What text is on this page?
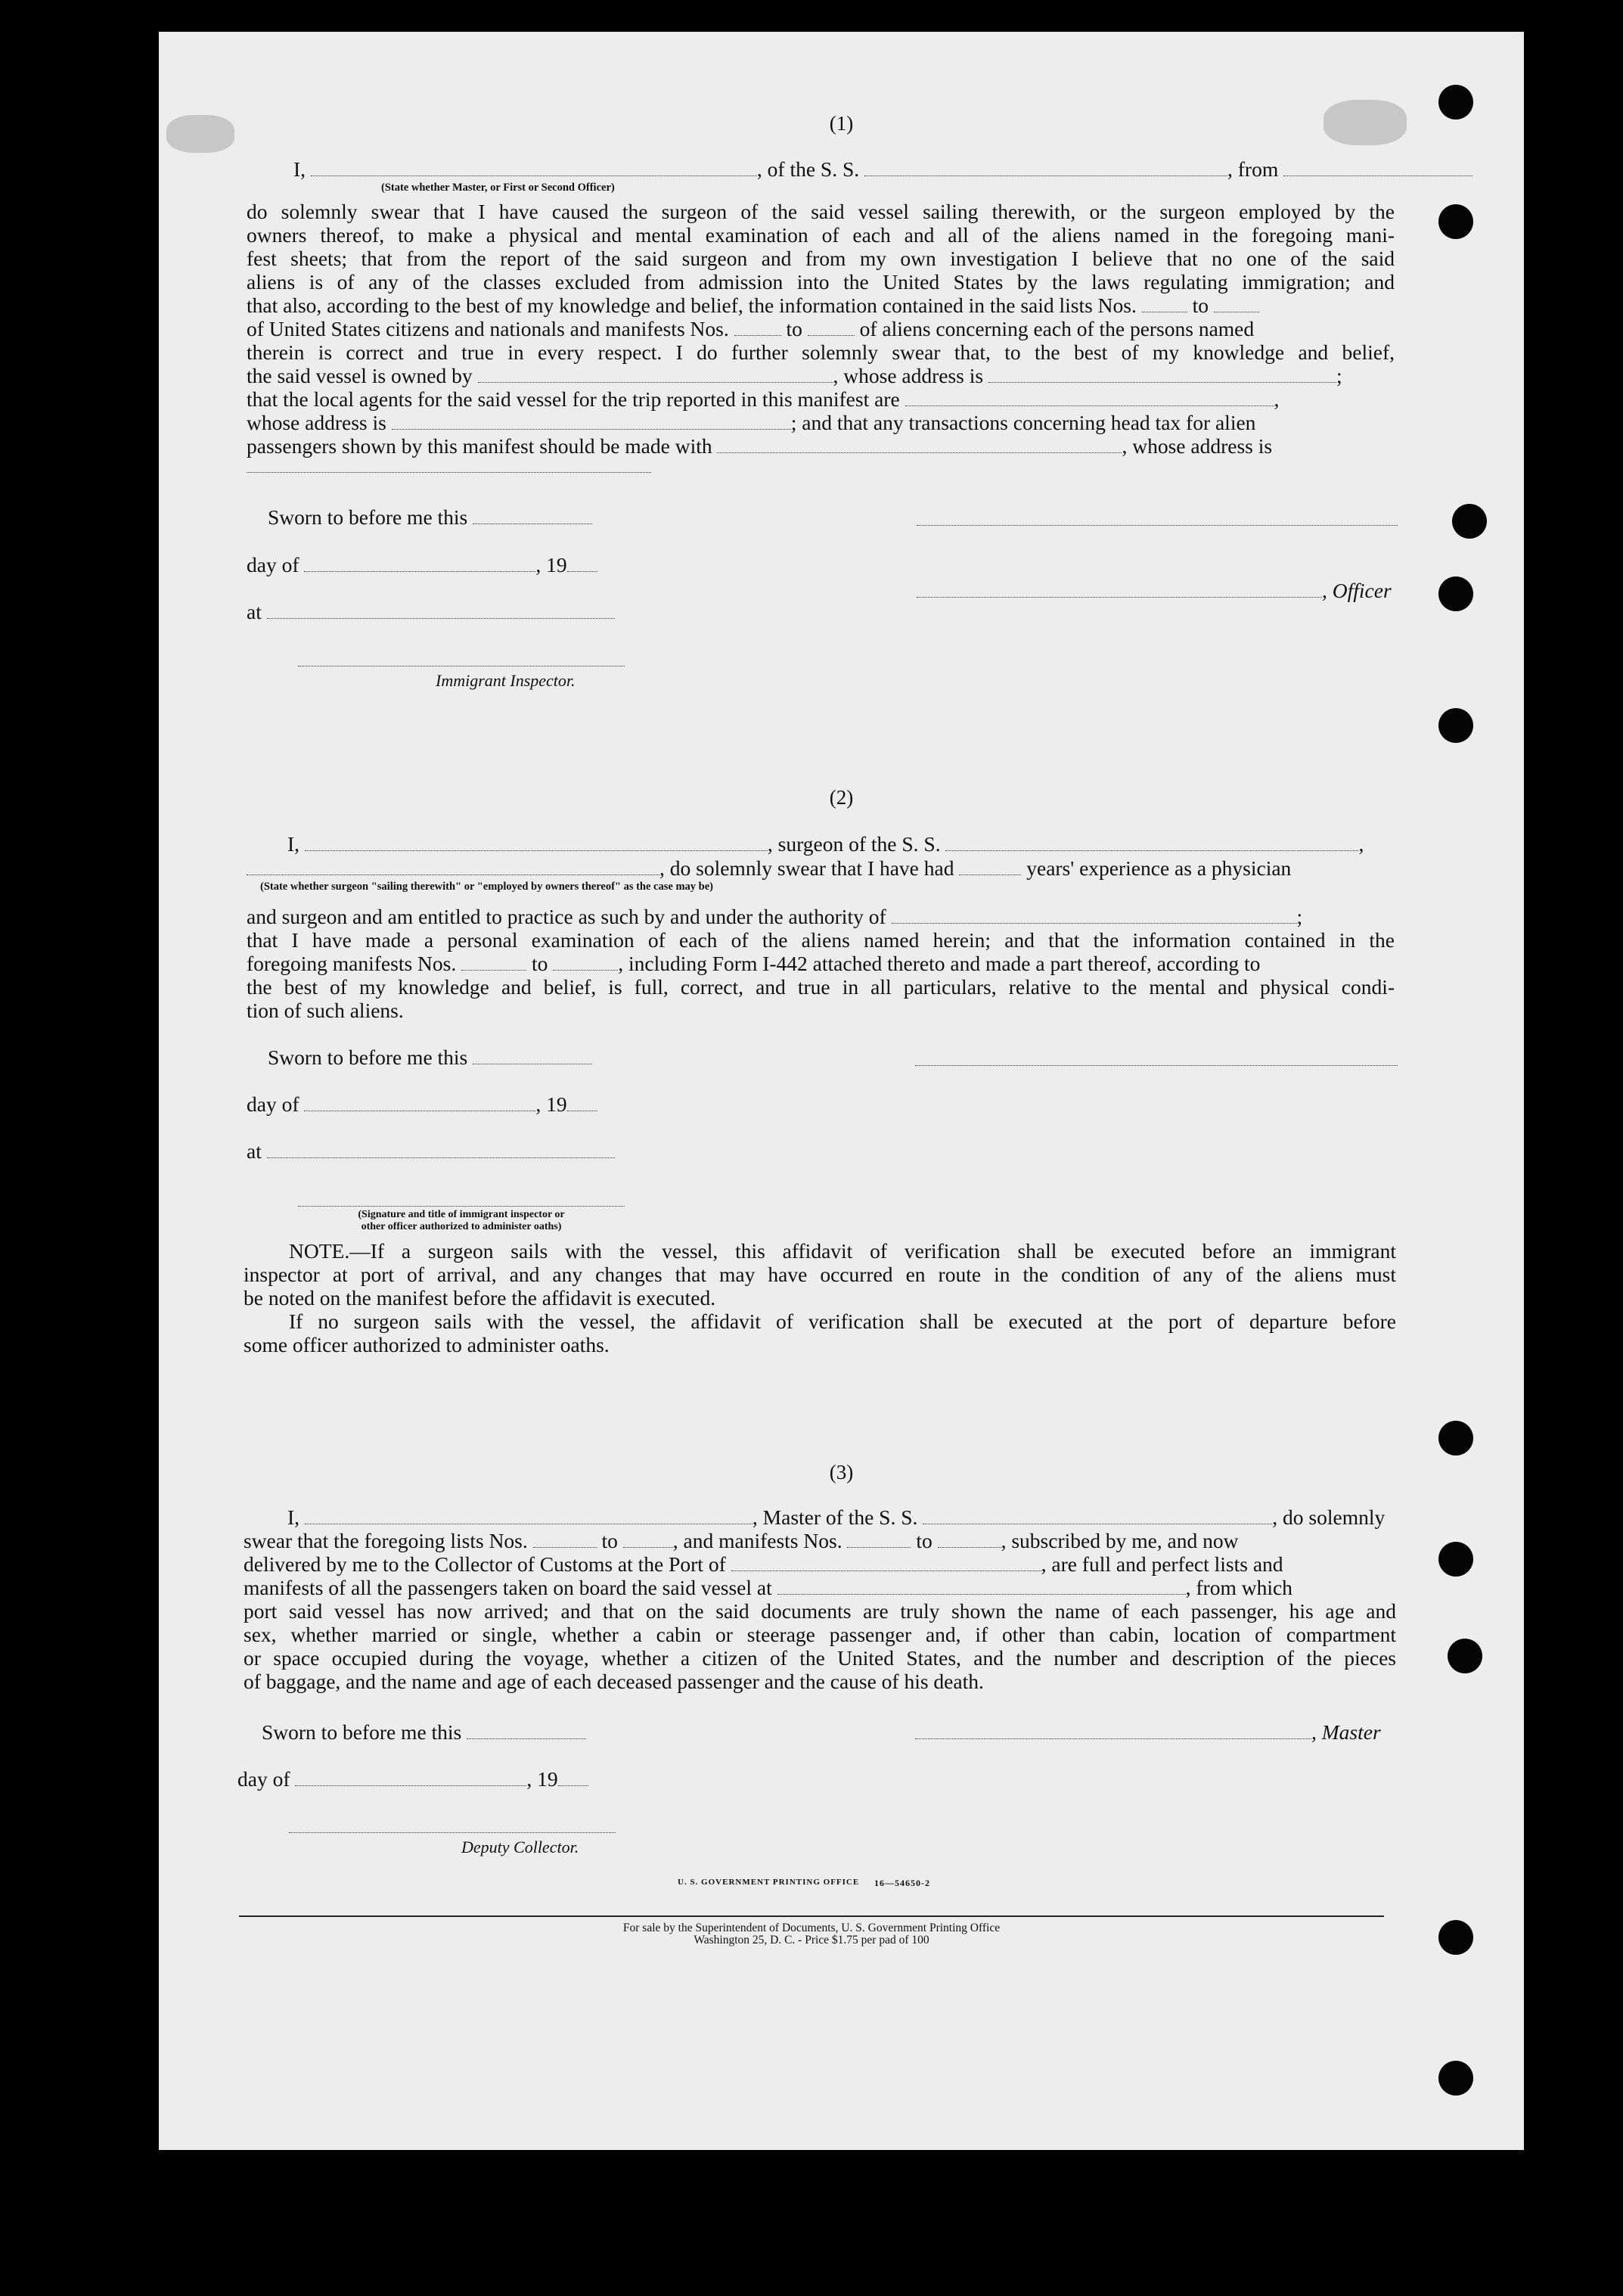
(1)
I,	, of the S. S.	, from
(State whether Master, or First or Second Officer)
do solemnly swear that I have caused the surgeon of the said vessel sailing therewith, or the surgeon employed by the
owners thereof, to make a physical and mental examination of each and all of the aliens named in the foregoing mani-
fest sheets; that from the report of the said surgeon and from my own investigation I believe that no one of the said
aliens is of any of the classes excluded from admission into the United States by the laws regulating immigration; and
that also, according to the best of my knowledge and belief, the information contained in the said lists Nos.	to
of United States citizens and nationals and manifests Nos.	to	of aliens concerning each of the persons named
therein is correct and true in every respect. I do further solemnly swear that, to the best of my knowledge and belief,
the said vessel is owned by	, whose address is	;
that the local agents for the said vessel for the trip reported in this manifest are	,
whose address is	; and that any transactions concerning head tax for alien
passengers shown by this manifest should be made with	, whose address is
Sworn to before me this
day of	, 19
, Officer
at
Immigrant Inspector.
(2)
I,	, surgeon of the S. S.	,
, do solemnly swear that I have had	years' experience as a physician
(State whether surgeon "sailing therewith" or "employed by owners thereof" as the case may be)
and surgeon and am entitled to practice as such by and under the authority of	;
that I have made a personal examination of each of the aliens named herein; and that the information contained in the
foregoing manifests Nos.	to	, including Form I-442 attached thereto and made a part thereof, according to
the best of my knowledge and belief, is full, correct, and true in all particulars, relative to the mental and physical condi-
tion of such aliens.
Sworn to before me this
day of	, 19
at
(Signature and title of immigrant inspector or
other officer authorized to administer oaths)
NOTE.—If a surgeon sails with the vessel, this affidavit of verification shall be executed before an immigrant
inspector at port of arrival, and any changes that may have occurred en route in the condition of any of the aliens must
be noted on the manifest before the affidavit is executed.
If no surgeon sails with the vessel, the affidavit of verification shall be executed at the port of departure before
some officer authorized to administer oaths.
(3)
I,	, Master of the S. S.	, do solemnly
swear that the foregoing lists Nos.	to	, and manifests Nos.	to	, subscribed by me, and now
delivered by me to the Collector of Customs at the Port of	, are full and perfect lists and
manifests of all the passengers taken on board the said vessel at	, from which
port said vessel has now arrived; and that on the said documents are truly shown the name of each passenger, his age and
sex, whether married or single, whether a cabin or steerage passenger and, if other than cabin, location of compartment
or space occupied during the voyage, whether a citizen of the United States, and the number and description of the pieces
of baggage, and the name and age of each deceased passenger and the cause of his death.
Sworn to before me this	, Master
day of	, 19
Deputy Collector.
U. S. GOVERNMENT PRINTING OFFICE 16—54650-2
For sale by the Superintendent of Documents, U. S. Government Printing Office
Washington 25, D. C. - Price $1.75 per pad of 100
